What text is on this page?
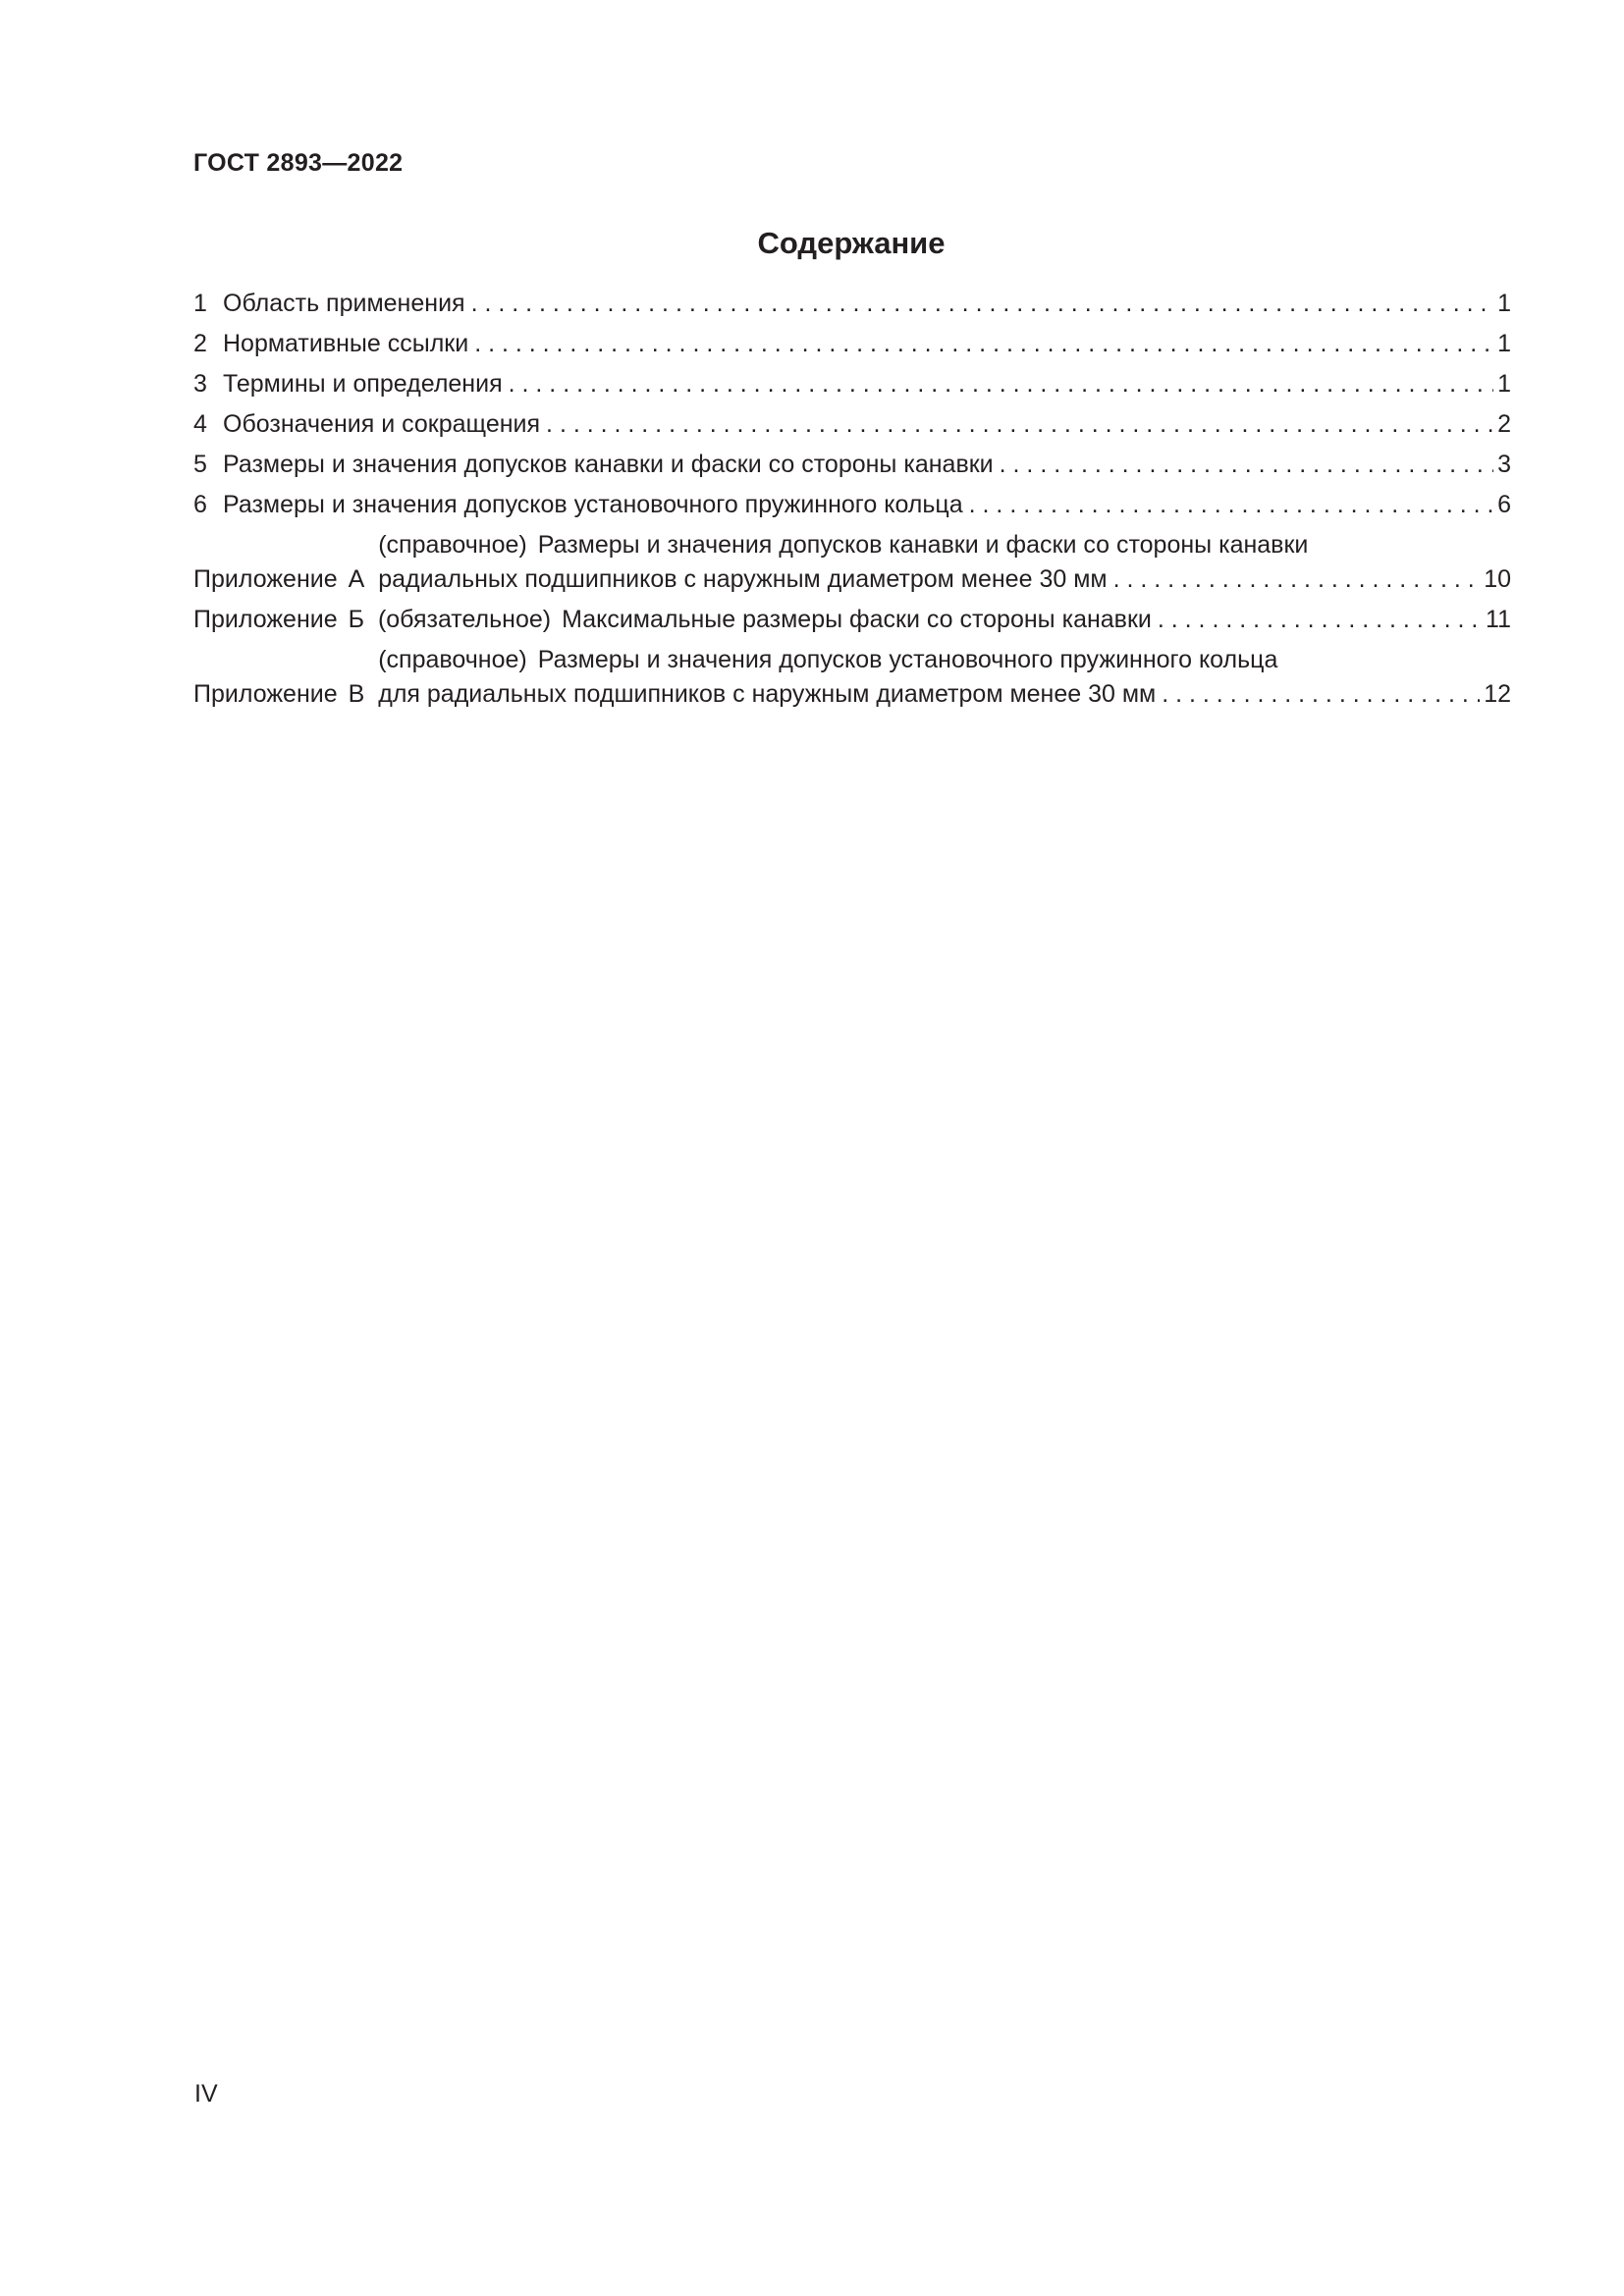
ГОСТ 2893—2022
Содержание
1 Область применения . . .	1
2 Нормативные ссылки . . .	1
3 Термины и определения . . .	1
4 Обозначения и сокращения . . .	2
5 Размеры и значения допусков канавки и фаски со стороны канавки . . .	3
6 Размеры и значения допусков установочного пружинного кольца . . .	6
Приложение А
(справочное) Размеры и значения допусков канавки и фаски со стороны канавки
радиальных подшипников с наружным диаметром менее 30 мм . . .	10
Приложение Б (обязательное) Максимальные размеры фаски со стороны канавки . . .	11
Приложение В
(справочное) Размеры и значения допусков установочного пружинного кольца
для радиальных подшипников с наружным диаметром менее 30 мм . . .	12
IV
